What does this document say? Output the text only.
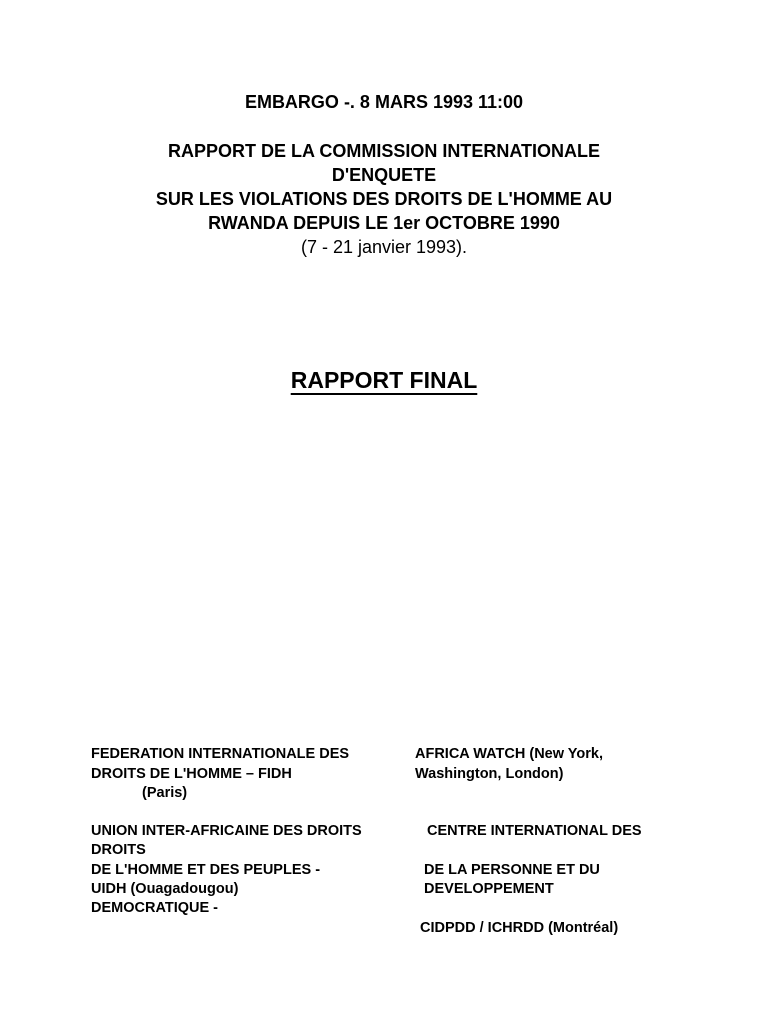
EMBARGO -. 8 MARS 1993 11:00
RAPPORT DE LA COMMISSION INTERNATIONALE
D'ENQUETE
SUR LES VIOLATIONS DES DROITS DE L'HOMME AU
RWANDA DEPUIS LE 1er OCTOBRE 1990
(7 - 21 janvier 1993).
RAPPORT FINAL
FEDERATION INTERNATIONALE DES
DROITS DE L'HOMME – FIDH
(Paris)
UNION INTER-AFRICAINE DES DROITS
DROITS
DE L'HOMME ET DES PEUPLES -
UIDH (Ouagadougou)
DEMOCRATIQUE -
AFRICA WATCH (New York,
Washington, London)
CENTRE INTERNATIONAL DES
DE LA PERSONNE ET DU
DEVELOPPEMENT
CIDPDD / ICHRDD (Montréal)
